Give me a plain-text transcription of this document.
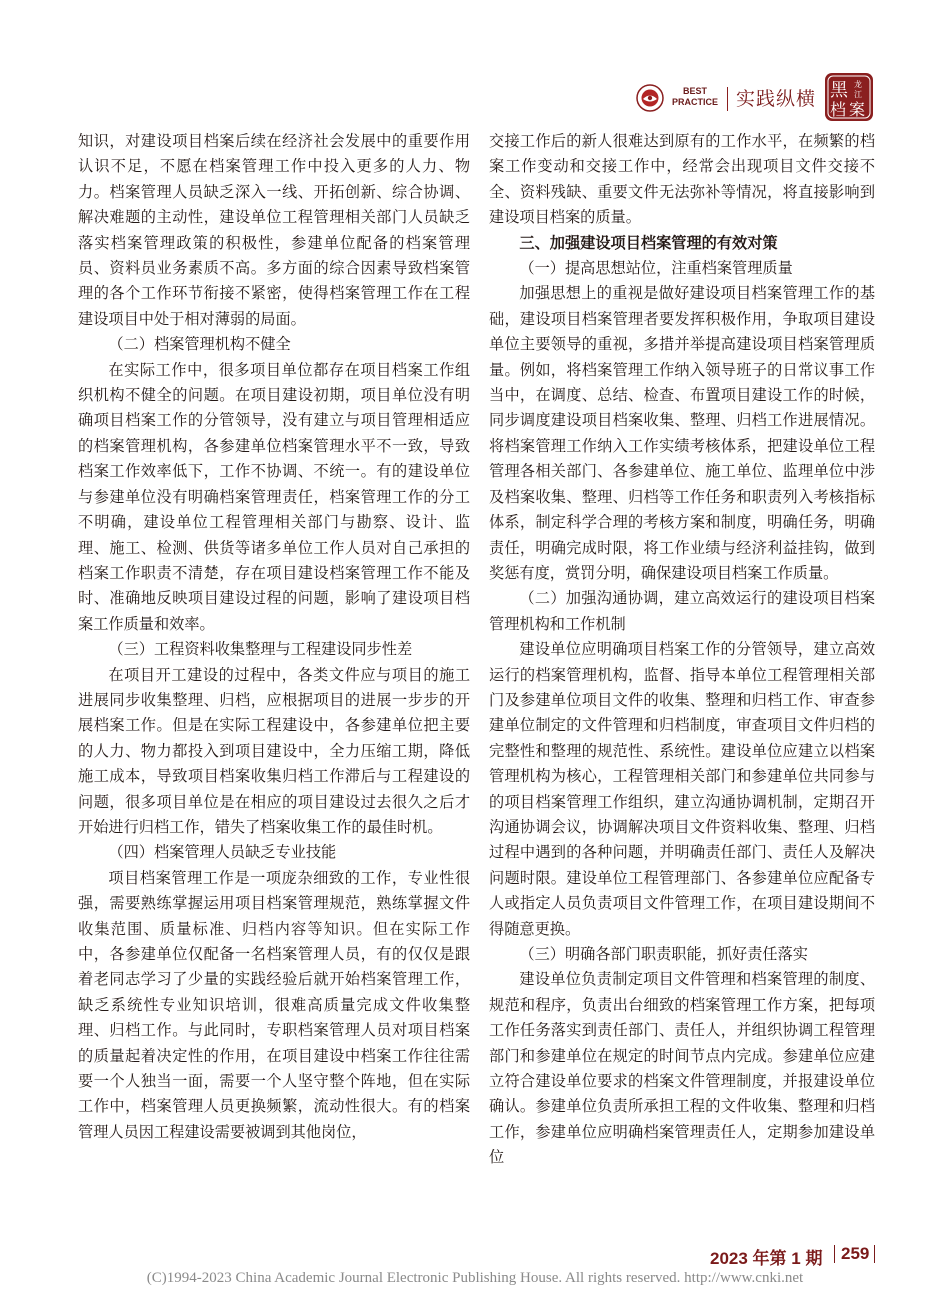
BEST
PRACTICE 实践纵横 黑 龙
江
档 案

知识，对建设项目档案后续在经济社会发展中的重要作用认识不足，不愿在档案管理工作中投入更多的人力、物力。档案管理人员缺乏深入一线、开拓创新、综合协调、解决难题的主动性，建设单位工程管理相关部门人员缺乏落实档案管理政策的积极性，参建单位配备的档案管理员、资料员业务素质不高。多方面的综合因素导致档案管理的各个工作环节衔接不紧密，使得档案管理工作在工程建设项目中处于相对薄弱的局面。

（二）档案管理机构不健全

在实际工作中，很多项目单位都存在项目档案工作组织机构不健全的问题。在项目建设初期，项目单位没有明确项目档案工作的分管领导，没有建立与项目管理相适应的档案管理机构，各参建单位档案管理水平不一致，导致档案工作效率低下，工作不协调、不统一。有的建设单位与参建单位没有明确档案管理责任，档案管理工作的分工不明确，建设单位工程管理相关部门与勘察、设计、监理、施工、检测、供货等诸多单位工作人员对自己承担的档案工作职责不清楚，存在项目建设档案管理工作不能及时、准确地反映项目建设过程的问题，影响了建设项目档案工作质量和效率。

（三）工程资料收集整理与工程建设同步性差

在项目开工建设的过程中，各类文件应与项目的施工进展同步收集整理、归档，应根据项目的进展一步步的开展档案工作。但是在实际工程建设中，各参建单位把主要的人力、物力都投入到项目建设中，全力压缩工期，降低施工成本，导致项目档案收集归档工作滞后与工程建设的问题，很多项目单位是在相应的项目建设过去很久之后才开始进行归档工作，错失了档案收集工作的最佳时机。

（四）档案管理人员缺乏专业技能

项目档案管理工作是一项庞杂细致的工作，专业性很强，需要熟练掌握运用项目档案管理规范，熟练掌握文件收集范围、质量标准、归档内容等知识。但在实际工作中，各参建单位仅配备一名档案管理人员，有的仅仅是跟着老同志学习了少量的实践经验后就开始档案管理工作，缺乏系统性专业知识培训，很难高质量完成文件收集整理、归档工作。与此同时，专职档案管理人员对项目档案的质量起着决定性的作用，在项目建设中档案工作往往需要一个人独当一面，需要一个人坚守整个阵地，但在实际工作中，档案管理人员更换频繁，流动性很大。有的档案管理人员因工程建设需要被调到其他岗位，

交接工作后的新人很难达到原有的工作水平，在频繁的档案工作变动和交接工作中，经常会出现项目文件交接不全、资料残缺、重要文件无法弥补等情况，将直接影响到建设项目档案的质量。

三、加强建设项目档案管理的有效对策

（一）提高思想站位，注重档案管理质量

加强思想上的重视是做好建设项目档案管理工作的基础，建设项目档案管理者要发挥积极作用，争取项目建设单位主要领导的重视，多措并举提高建设项目档案管理质量。例如，将档案管理工作纳入领导班子的日常议事工作当中，在调度、总结、检查、布置项目建设工作的时候，同步调度建设项目档案收集、整理、归档工作进展情况。将档案管理工作纳入工作实绩考核体系，把建设单位工程管理各相关部门、各参建单位、施工单位、监理单位中涉及档案收集、整理、归档等工作任务和职责列入考核指标体系，制定科学合理的考核方案和制度，明确任务，明确责任，明确完成时限，将工作业绩与经济利益挂钩，做到奖惩有度，赏罚分明，确保建设项目档案工作质量。

（二）加强沟通协调，建立高效运行的建设项目档案管理机构和工作机制

建设单位应明确项目档案工作的分管领导，建立高效运行的档案管理机构，监督、指导本单位工程管理相关部门及参建单位项目文件的收集、整理和归档工作、审查参建单位制定的文件管理和归档制度，审查项目文件归档的完整性和整理的规范性、系统性。建设单位应建立以档案管理机构为核心，工程管理相关部门和参建单位共同参与的项目档案管理工作组织，建立沟通协调机制，定期召开沟通协调会议，协调解决项目文件资料收集、整理、归档过程中遇到的各种问题，并明确责任部门、责任人及解决问题时限。建设单位工程管理部门、各参建单位应配备专人或指定人员负责项目文件管理工作，在项目建设期间不得随意更换。

（三）明确各部门职责职能，抓好责任落实

建设单位负责制定项目文件管理和档案管理的制度、规范和程序，负责出台细致的档案管理工作方案，把每项工作任务落实到责任部门、责任人，并组织协调工程管理部门和参建单位在规定的时间节点内完成。参建单位应建立符合建设单位要求的档案文件管理制度，并报建设单位确认。参建单位负责所承担工程的文件收集、整理和归档工作，参建单位应明确档案管理责任人，定期参加建设单位

2023 年第 1 期 259
(C)1994-2023 China Academic Journal Electronic Publishing House. All rights reserved. http://www.cnki.net
